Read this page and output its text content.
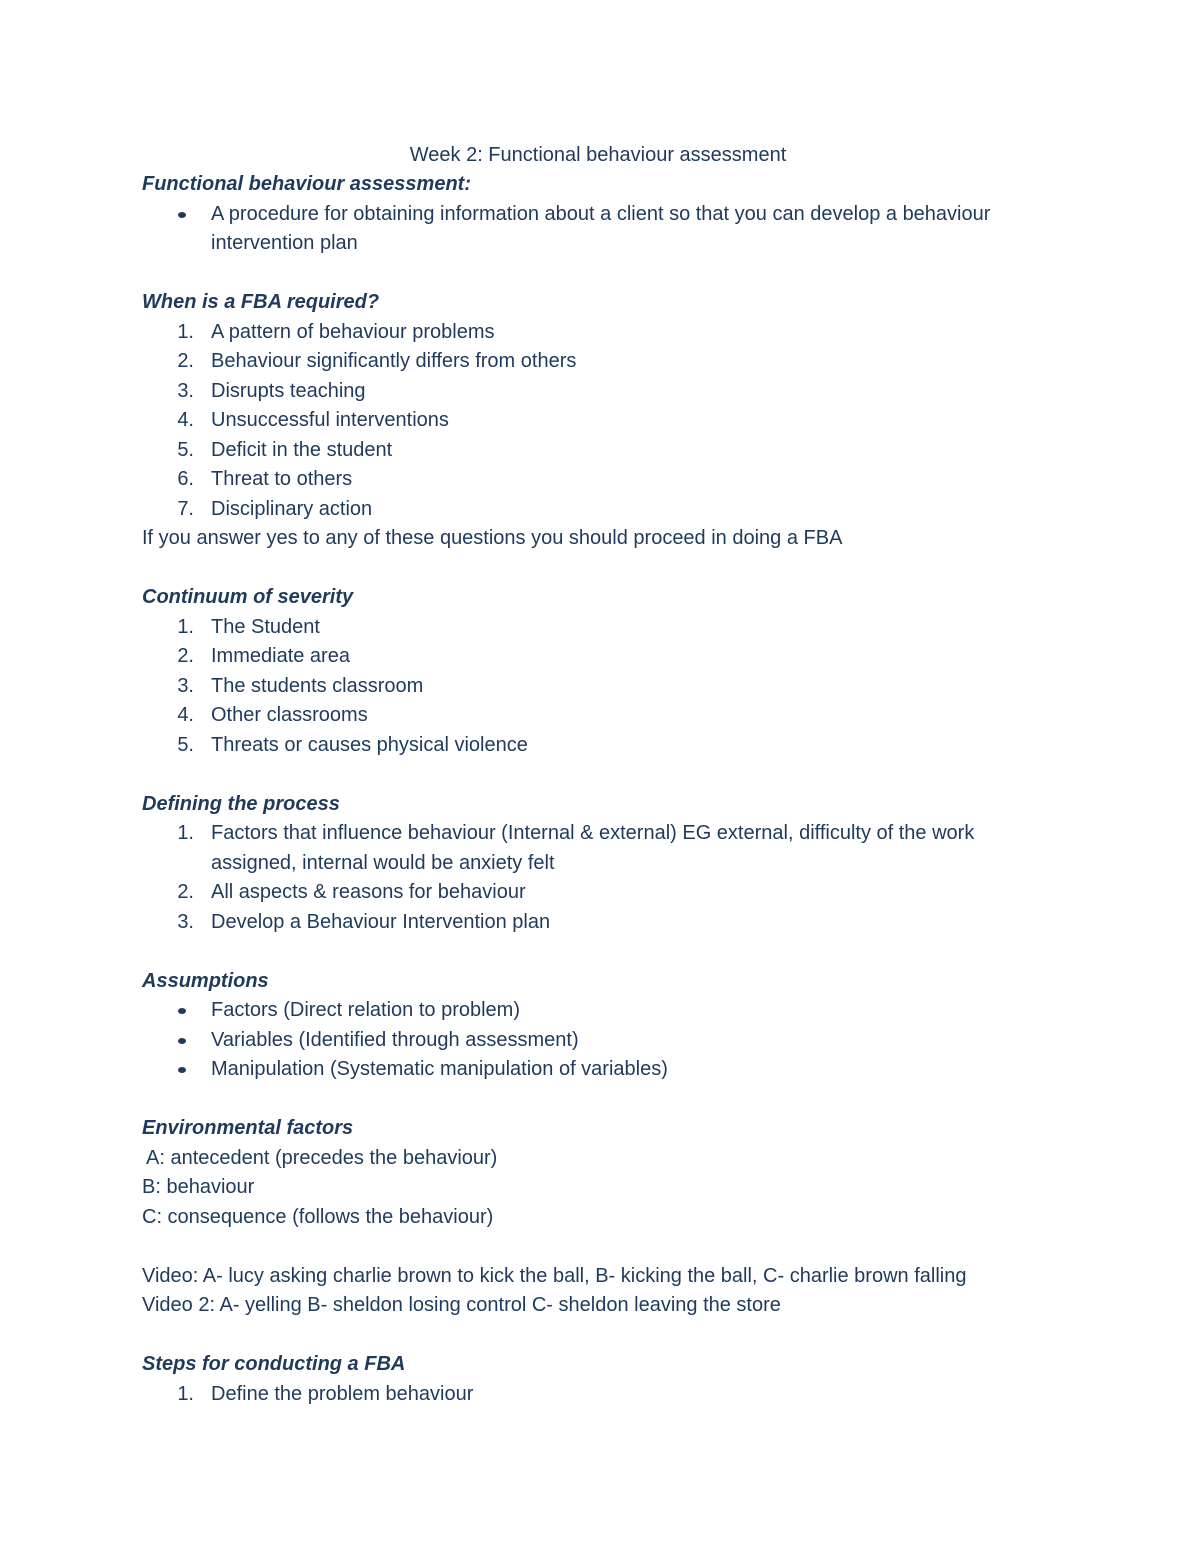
Week 2: Functional behaviour assessment
Functional behaviour assessment:
A procedure for obtaining information about a client so that you can develop a behaviour intervention plan
When is a FBA required?
1. A pattern of behaviour problems
2. Behaviour significantly differs from others
3. Disrupts teaching
4. Unsuccessful interventions
5. Deficit in the student
6. Threat to others
7. Disciplinary action
If you answer yes to any of these questions you should proceed in doing a FBA
Continuum of severity
1. The Student
2. Immediate area
3. The students classroom
4. Other classrooms
5. Threats or causes physical violence
Defining the process
1. Factors that influence behaviour (Internal & external) EG external, difficulty of the work assigned, internal would be anxiety felt
2. All aspects & reasons for behaviour
3. Develop a Behaviour Intervention plan
Assumptions
Factors (Direct relation to problem)
Variables (Identified through assessment)
Manipulation (Systematic manipulation of variables)
Environmental factors
A: antecedent (precedes the behaviour)
B: behaviour
C: consequence (follows the behaviour)
Video: A- lucy asking charlie brown to kick the ball, B- kicking the ball, C- charlie brown falling
Video 2: A- yelling B- sheldon losing control C- sheldon leaving the store
Steps for conducting a FBA
1. Define the problem behaviour
